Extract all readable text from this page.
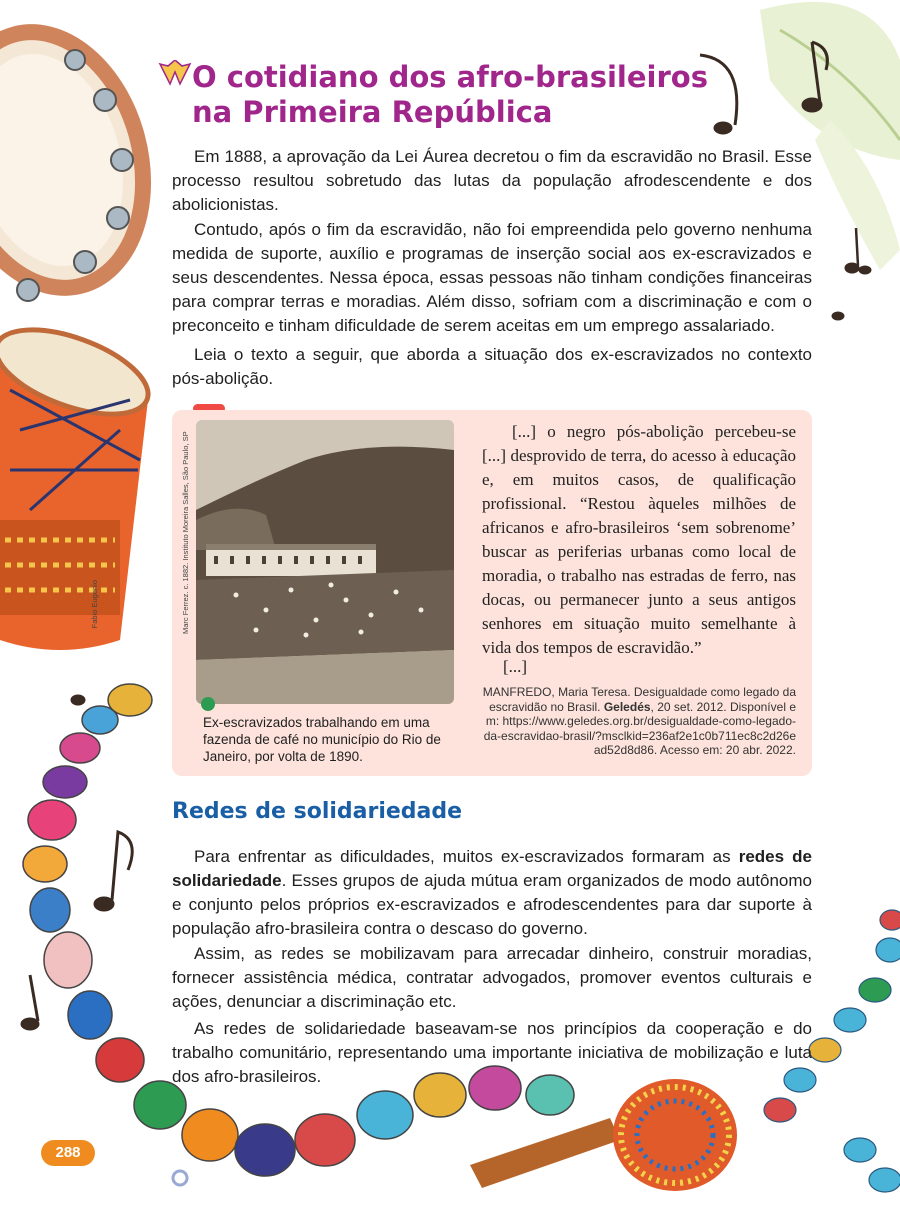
O cotidiano dos afro-brasileiros
na Primeira República

Em 1888, a aprovação da Lei Áurea decretou o fim da escravidão no Brasil. Esse processo resultou sobretudo das lutas da população afrodescendente e dos abolicionistas.

Contudo, após o fim da escravidão, não foi empreendida pelo governo nenhuma medida de suporte, auxílio e programas de inserção social aos ex-escravizados e seus descendentes. Nessa época, essas pessoas não tinham condições financeiras para comprar terras e moradias. Além disso, sofriam com a discriminação e com o preconceito e tinham dificuldade de serem aceitas em um emprego assalariado.

Leia o texto a seguir, que aborda a situação dos ex-escravizados no contexto pós-abolição.

Marc Ferrez. c. 1882. Instituto Moreira Salles, São Paulo, SP
Ex-escravizados trabalhando em uma fazenda de café no município do Rio de Janeiro, por volta de 1890.

[...] o negro pós-abolição percebeu-se [...] desprovido de terra, do acesso à educação e, em muitos casos, de qualificação profissional. “Restou àqueles milhões de africanos e afro-brasileiros ‘sem sobrenome’ buscar as periferias urbanas como local de moradia, o trabalho nas estradas de ferro, nas docas, ou permanecer junto a seus antigos senhores em situação muito semelhante à vida dos tempos de escravidão.”

[...]
MANFREDO, Maria Teresa. Desigualdade como legado da escravidão no Brasil. Geledés, 20 set. 2012. Disponível em: https://www.geledes.org.br/desigualdade-como-legado-da-escravidao-brasil/?msclkid=236af2e1c0b711ec8c2d26ead52d8d86. Acesso em: 20 abr. 2022.
Redes de solidariedade

Para enfrentar as dificuldades, muitos ex-escravizados formaram as redes de solidariedade. Esses grupos de ajuda mútua eram organizados de modo autônomo e conjunto pelos próprios ex-escravizados e afrodescendentes para dar suporte à população afro-brasileira contra o descaso do governo.

Assim, as redes se mobilizavam para arrecadar dinheiro, construir moradias, fornecer assistência médica, contratar advogados, promover eventos culturais e ações, denunciar a discriminação etc.

As redes de solidariedade baseavam-se nos princípios da cooperação e do trabalho comunitário, representando uma importante iniciativa de mobilização e luta dos afro-brasileiros.

Fabio Eugenio
288
